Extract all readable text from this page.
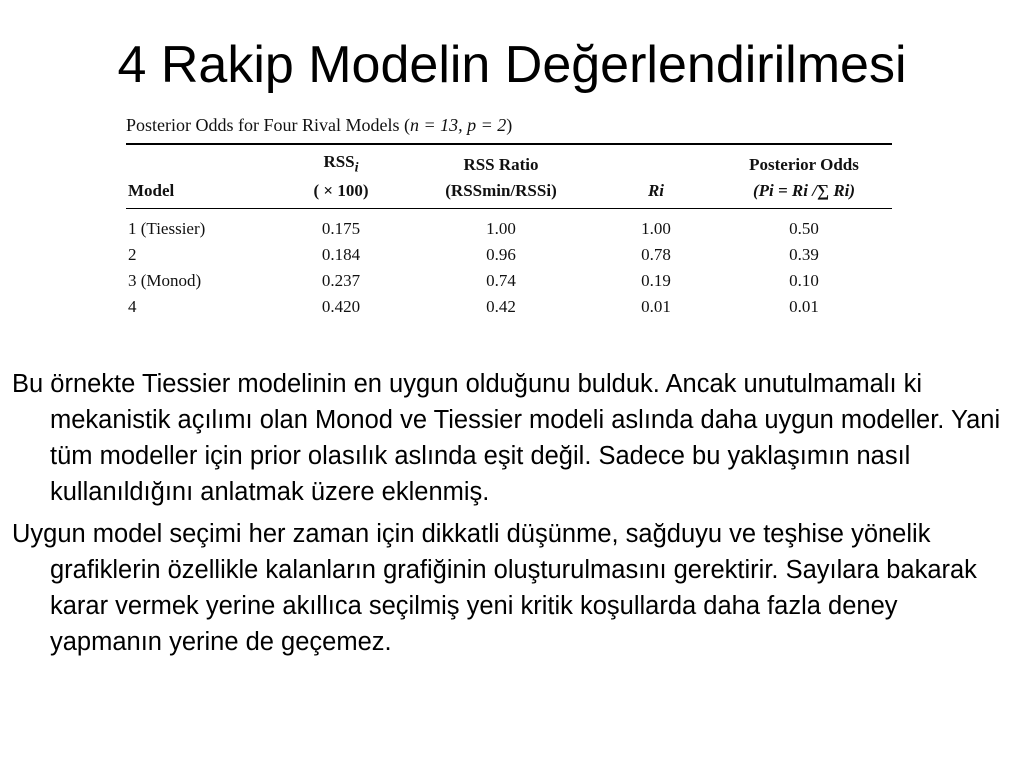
4 Rakip Modelin Değerlendirilmesi
Posterior Odds for Four Rival Models (n = 13, p = 2)
	$RSS_i$	RSS Ratio		Posterior Odds
Model	( × 100)	(RSSmin/RSSi)	Ri	(Pi = Ri /∑ Ri)
1 (Tiessier)	0.175	1.00	1.00	0.50
2	0.184	0.96	0.78	0.39
3 (Monod)	0.237	0.74	0.19	0.10
4	0.420	0.42	0.01	0.01

Bu örnekte Tiessier modelinin en uygun olduğunu bulduk. Ancak unutulmamalı ki mekanistik açılımı olan Monod ve Tiessier modeli aslında daha uygun modeller. Yani tüm modeller için prior olasılık aslında eşit değil. Sadece bu yaklaşımın nasıl kullanıldığını anlatmak üzere eklenmiş.

Uygun model seçimi her zaman için dikkatli düşünme, sağduyu ve teşhise yönelik grafiklerin özellikle kalanların grafiğinin oluşturulmasını gerektirir. Sayılara bakarak karar vermek yerine akıllıca seçilmiş yeni kritik koşullarda daha fazla deney yapmanın yerine de geçemez.
